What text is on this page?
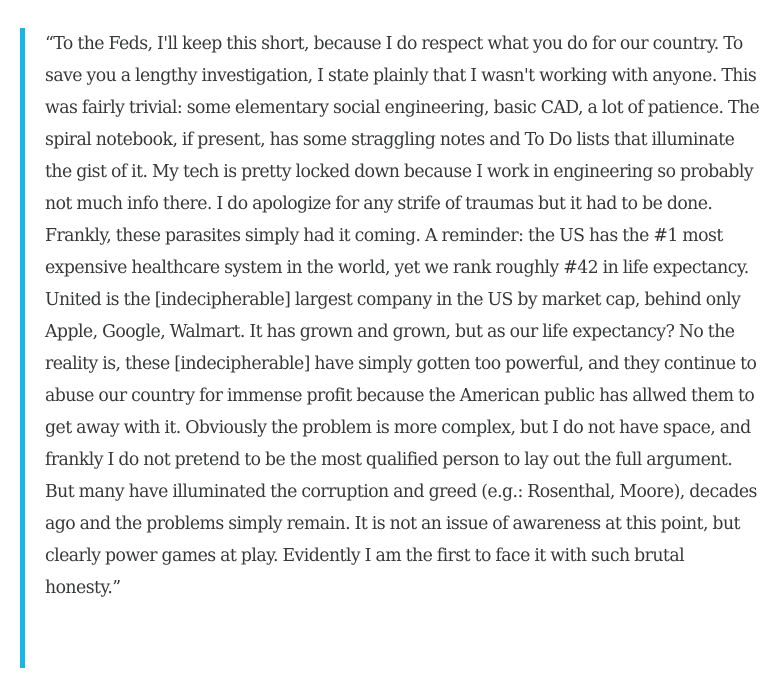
“To the Feds, I'll keep this short, because I do respect what you do for our country. To save you a lengthy investigation, I state plainly that I wasn't working with anyone. This was fairly trivial: some elementary social engineering, basic CAD, a lot of patience. The spiral notebook, if present, has some straggling notes and To Do lists that illuminate the gist of it. My tech is pretty locked down because I work in engineering so probably not much info there. I do apologize for any strife of traumas but it had to be done. Frankly, these parasites simply had it coming. A reminder: the US has the #1 most expensive healthcare system in the world, yet we rank roughly #42 in life expectancy. United is the [indecipherable] largest company in the US by market cap, behind only Apple, Google, Walmart. It has grown and grown, but as our life expectancy? No the reality is, these [indecipherable] have simply gotten too powerful, and they continue to abuse our country for immense profit because the American public has allwed them to get away with it. Obviously the problem is more complex, but I do not have space, and frankly I do not pretend to be the most qualified person to lay out the full argument. But many have illuminated the corruption and greed (e.g.: Rosenthal, Moore), decades ago and the problems simply remain. It is not an issue of awareness at this point, but clearly power games at play. Evidently I am the first to face it with such brutal honesty.”
